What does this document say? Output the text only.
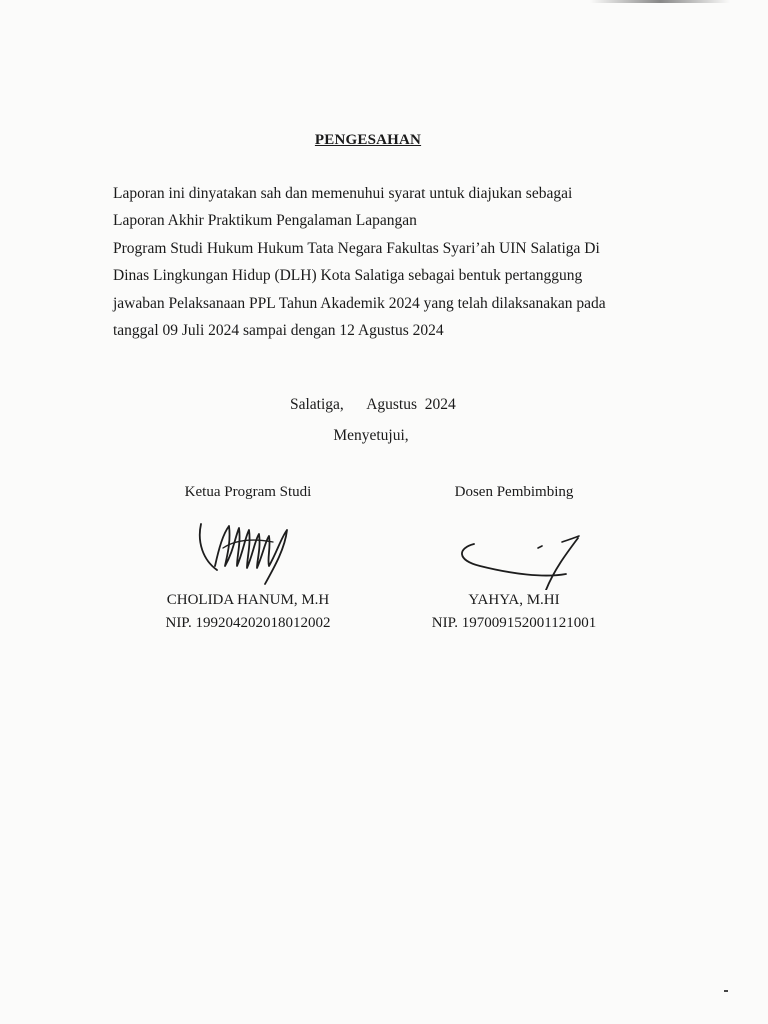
PENGESAHAN
Laporan ini dinyatakan sah dan memenuhui syarat untuk diajukan sebagai
Laporan Akhir Praktikum Pengalaman Lapangan
Program Studi Hukum Hukum Tata Negara Fakultas Syari’ah UIN Salatiga Di
Dinas Lingkungan Hidup (DLH) Kota Salatiga sebagai bentuk pertanggung
jawaban Pelaksanaan PPL Tahun Akademik 2024 yang telah dilaksanakan pada
tanggal 09 Juli 2024 sampai dengan 12 Agustus 2024
Salatiga,      Agustus  2024
Menyetujui,
Ketua Program Studi
CHOLIDA HANUM, M.H
NIP. 199204202018012002
Dosen Pembimbing
YAHYA, M.HI
NIP. 197009152001121001
